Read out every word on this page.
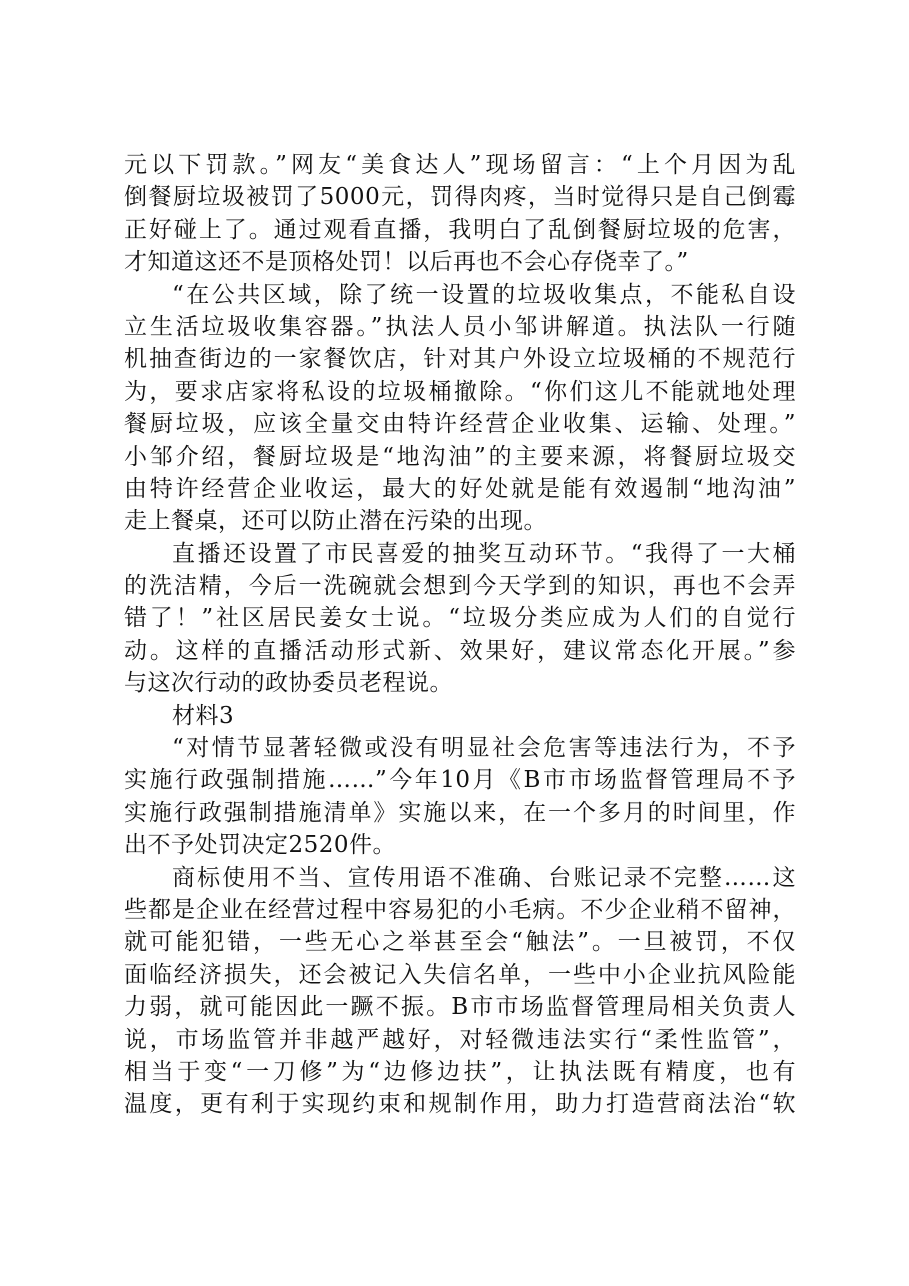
元以下罚款。”网友“美食达人”现场留言：“上个月因为乱
倒餐厨垃圾被罚了5000元，罚得肉疼，当时觉得只是自己倒霉
正好碰上了。通过观看直播，我明白了乱倒餐厨垃圾的危害，
才知道这还不是顶格处罚！以后再也不会心存侥幸了。”
“在公共区域，除了统一设置的垃圾收集点，不能私自设
立生活垃圾收集容器。”执法人员小邹讲解道。执法队一行随
机抽查街边的一家餐饮店，针对其户外设立垃圾桶的不规范行
为，要求店家将私设的垃圾桶撤除。“你们这儿不能就地处理
餐厨垃圾，应该全量交由特许经营企业收集、运输、处理。”
小邹介绍，餐厨垃圾是“地沟油”的主要来源，将餐厨垃圾交
由特许经营企业收运，最大的好处就是能有效遏制“地沟油”
走上餐桌，还可以防止潜在污染的出现。
直播还设置了市民喜爱的抽奖互动环节。“我得了一大桶
的洗洁精，今后一洗碗就会想到今天学到的知识，再也不会弄
错了！”社区居民姜女士说。“垃圾分类应成为人们的自觉行
动。这样的直播活动形式新、效果好，建议常态化开展。”参
与这次行动的政协委员老程说。
材料3
“对情节显著轻微或没有明显社会危害等违法行为，不予
实施行政强制措施……”今年10月《B市市场监督管理局不予
实施行政强制措施清单》实施以来，在一个多月的时间里，作
出不予处罚决定2520件。
商标使用不当、宣传用语不准确、台账记录不完整……这
些都是企业在经营过程中容易犯的小毛病。不少企业稍不留神，
就可能犯错，一些无心之举甚至会“触法”。一旦被罚，不仅
面临经济损失，还会被记入失信名单，一些中小企业抗风险能
力弱，就可能因此一蹶不振。B市市场监督管理局相关负责人
说，市场监管并非越严越好，对轻微违法实行“柔性监管”，
相当于变“一刀修”为“边修边扶”，让执法既有精度，也有
温度，更有利于实现约束和规制作用，助力打造营商法治“软
